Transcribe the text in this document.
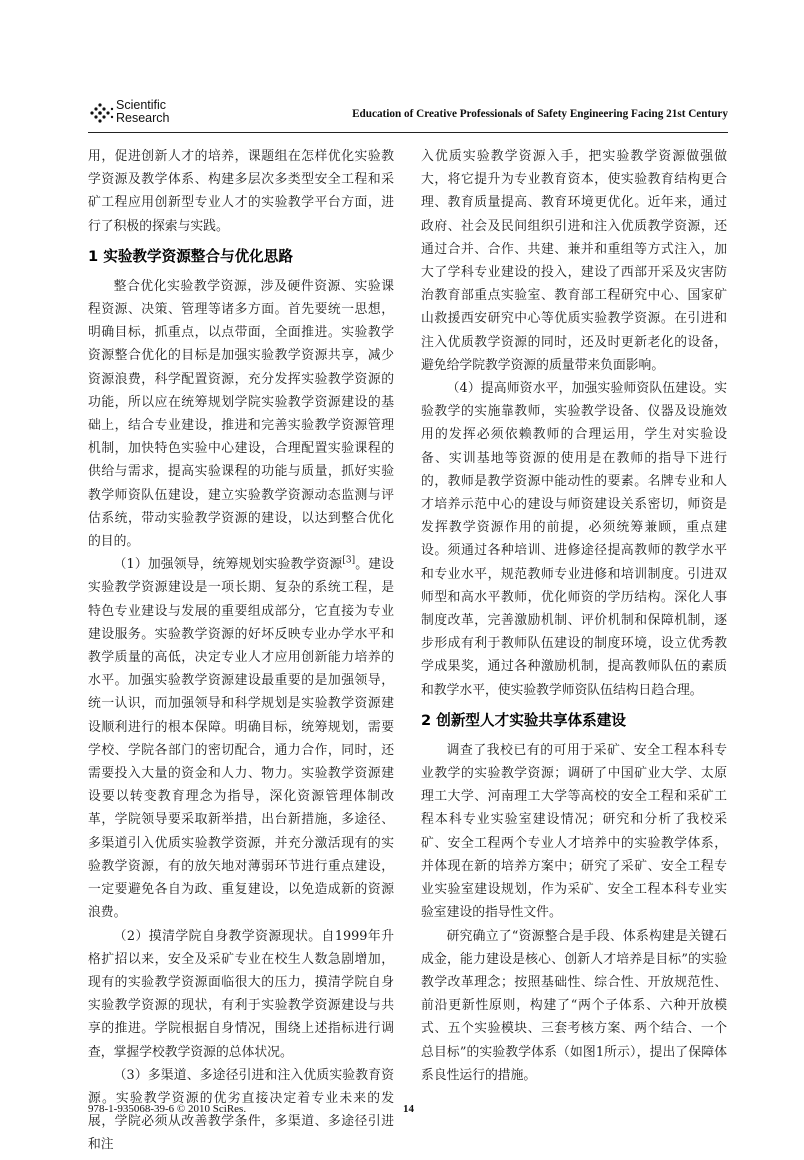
Scientific
Research	Education of Creative Professionals of Safety Engineering Facing 21st Century

用，促进创新人才的培养，课题组在怎样优化实验教学资源及教学体系、构建多层次多类型安全工程和采矿工程应用创新型专业人才的实验教学平台方面，进行了积极的探索与实践。

1 实验教学资源整合与优化思路

整合优化实验教学资源，涉及硬件资源、实验课程资源、决策、管理等诸多方面。首先要统一思想，明确目标，抓重点，以点带面，全面推进。实验教学资源整合优化的目标是加强实验教学资源共享，减少资源浪费，科学配置资源，充分发挥实验教学资源的功能，所以应在统筹规划学院实验教学资源建设的基础上，结合专业建设，推进和完善实验教学资源管理机制，加快特色实验中心建设，合理配置实验课程的供给与需求，提高实验课程的功能与质量，抓好实验教学师资队伍建设，建立实验教学资源动态监测与评估系统，带动实验教学资源的建设，以达到整合优化的目的。

（1）加强领导，统筹规划实验教学资源[3]。建设实验教学资源建设是一项长期、复杂的系统工程，是特色专业建设与发展的重要组成部分，它直接为专业建设服务。实验教学资源的好坏反映专业办学水平和教学质量的高低，决定专业人才应用创新能力培养的水平。加强实验教学资源建设最重要的是加强领导，统一认识，而加强领导和科学规划是实验教学资源建设顺利进行的根本保障。明确目标，统筹规划，需要学校、学院各部门的密切配合，通力合作，同时，还需要投入大量的资金和人力、物力。实验教学资源建设要以转变教育理念为指导，深化资源管理体制改革，学院领导要采取新举措，出台新措施，多途径、多渠道引入优质实验教学资源，并充分激活现有的实验教学资源，有的放矢地对薄弱环节进行重点建设，一定要避免各自为政、重复建设，以免造成新的资源浪费。

（2）摸清学院自身教学资源现状。自1999年升格扩招以来，安全及采矿专业在校生人数急剧增加，现有的实验教学资源面临很大的压力，摸清学院自身实验教学资源的现状，有利于实验教学资源建设与共享的推进。学院根据自身情况，围绕上述指标进行调查，掌握学校教学资源的总体状况。

（3）多渠道、多途径引进和注入优质实验教育资源。实验教学资源的优劣直接决定着专业未来的发展，学院必须从改善教学条件，多渠道、多途径引进和注

入优质实验教学资源入手，把实验教学资源做强做大，将它提升为专业教育资本，使实验教育结构更合理、教育质量提高、教育环境更优化。近年来，通过政府、社会及民间组织引进和注入优质教学资源，还通过合并、合作、共建、兼并和重组等方式注入，加大了学科专业建设的投入，建设了西部开采及灾害防治教育部重点实验室、教育部工程研究中心、国家矿山救援西安研究中心等优质实验教学资源。在引进和注入优质教学资源的同时，还及时更新老化的设备，避免给学院教学资源的质量带来负面影响。

（4）提高师资水平，加强实验师资队伍建设。实验教学的实施靠教师，实验教学设备、仪器及设施效用的发挥必须依赖教师的合理运用，学生对实验设备、实训基地等资源的使用是在教师的指导下进行的，教师是教学资源中能动性的要素。名牌专业和人才培养示范中心的建设与师资建设关系密切，师资是发挥教学资源作用的前提，必须统筹兼顾，重点建设。须通过各种培训、进修途径提高教师的教学水平和专业水平，规范教师专业进修和培训制度。引进双师型和高水平教师，优化师资的学历结构。深化人事制度改革，完善激励机制、评价机制和保障机制，逐步形成有利于教师队伍建设的制度环境，设立优秀教学成果奖，通过各种激励机制，提高教师队伍的素质和教学水平，使实验教学师资队伍结构日趋合理。

2 创新型人才实验共享体系建设

调查了我校已有的可用于采矿、安全工程本科专业教学的实验教学资源；调研了中国矿业大学、太原理工大学、河南理工大学等高校的安全工程和采矿工程本科专业实验室建设情况；研究和分析了我校采矿、安全工程两个专业人才培养中的实验教学体系，并体现在新的培养方案中；研究了采矿、安全工程专业实验室建设规划，作为采矿、安全工程本科专业实验室建设的指导性文件。

研究确立了“资源整合是手段、体系构建是关键石成金，能力建设是核心、创新人才培养是目标”的实验教学改革理念；按照基础性、综合性、开放规范性、前沿更新性原则，构建了“两个子体系、六种开放模式、五个实验模块、三套考核方案、两个结合、一个总目标”的实验教学体系（如图1所示），提出了保障体系良性运行的措施。

978-1-935068-39-6 © 2010 SciRes.	14
